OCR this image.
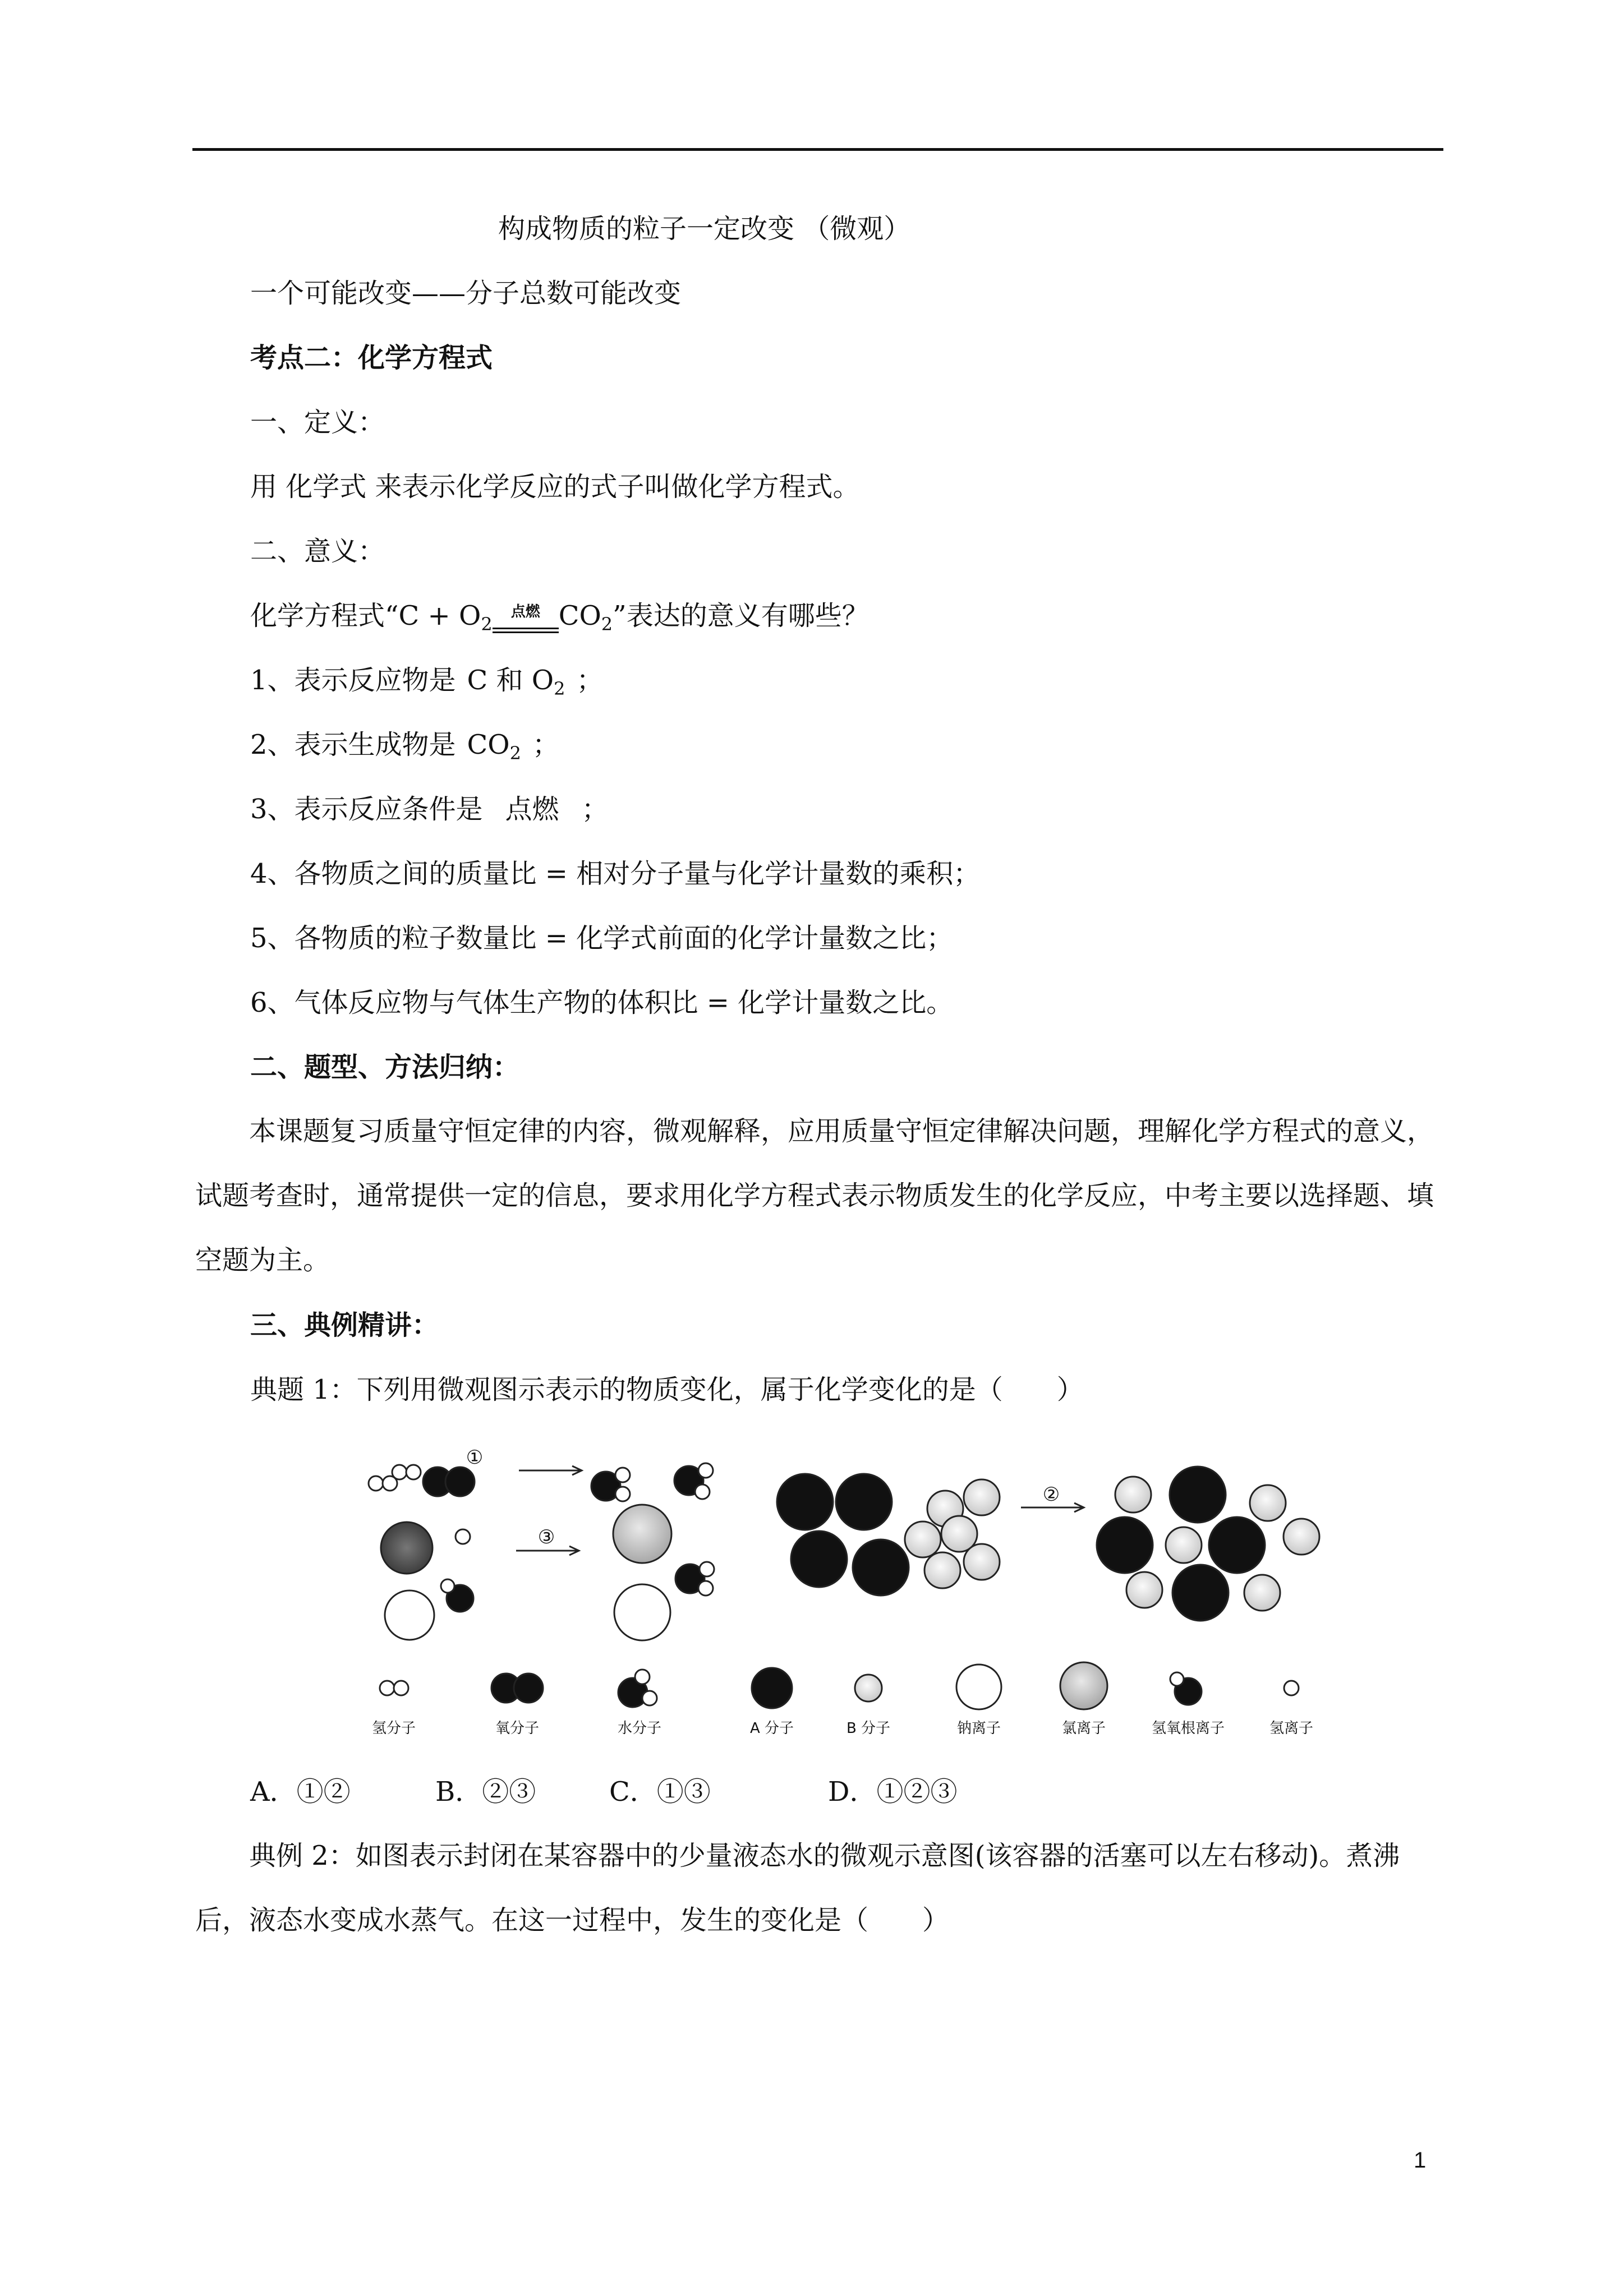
构成物质的粒子一定改变 （微观）
一个可能改变——分子总数可能改变
考点二：化学方程式
一、定义：
用 化学式 来表示化学反应的式子叫做化学方程式。
二、意义：
化学方程式“$C + O_2$
点燃 $CO_2$”表达的意义有哪些？
1、表示反应物是 C 和 $O_2$ ；
2、表示生成物是 $CO_2$ ；
3、表示反应条件是 点燃 ；
4、各物质之间的质量比 = 相对分子量与化学计量数的乘积；
5、各物质的粒子数量比 = 化学式前面的化学计量数之比；
6、气体反应物与气体生产物的体积比 = 化学计量数之比。
二、题型、方法归纳：
本课题复习质量守恒定律的内容，微观解释，应用质量守恒定律解决问题，理解化学方程式的意义，试题考查时，通常提供一定的信息，要求用化学方程式表示物质发生的化学反应，中考主要以选择题、填空题为主。
三、典例精讲：
典题 1：下列用微观图示表示的物质变化，属于化学变化的是（　　）
①
②
③
氢分子	氧分子	水分子	A 分子	B 分子	钠离子	氯离子	氢氧根离子	氢离子
A．①②	B．②③	C．①③	D．①②③
典例 2：如图表示封闭在某容器中的少量液态水的微观示意图(该容器的活塞可以左右移动)。煮沸后，液态水变成水蒸气。在这一过程中，发生的变化是（　　）
1
